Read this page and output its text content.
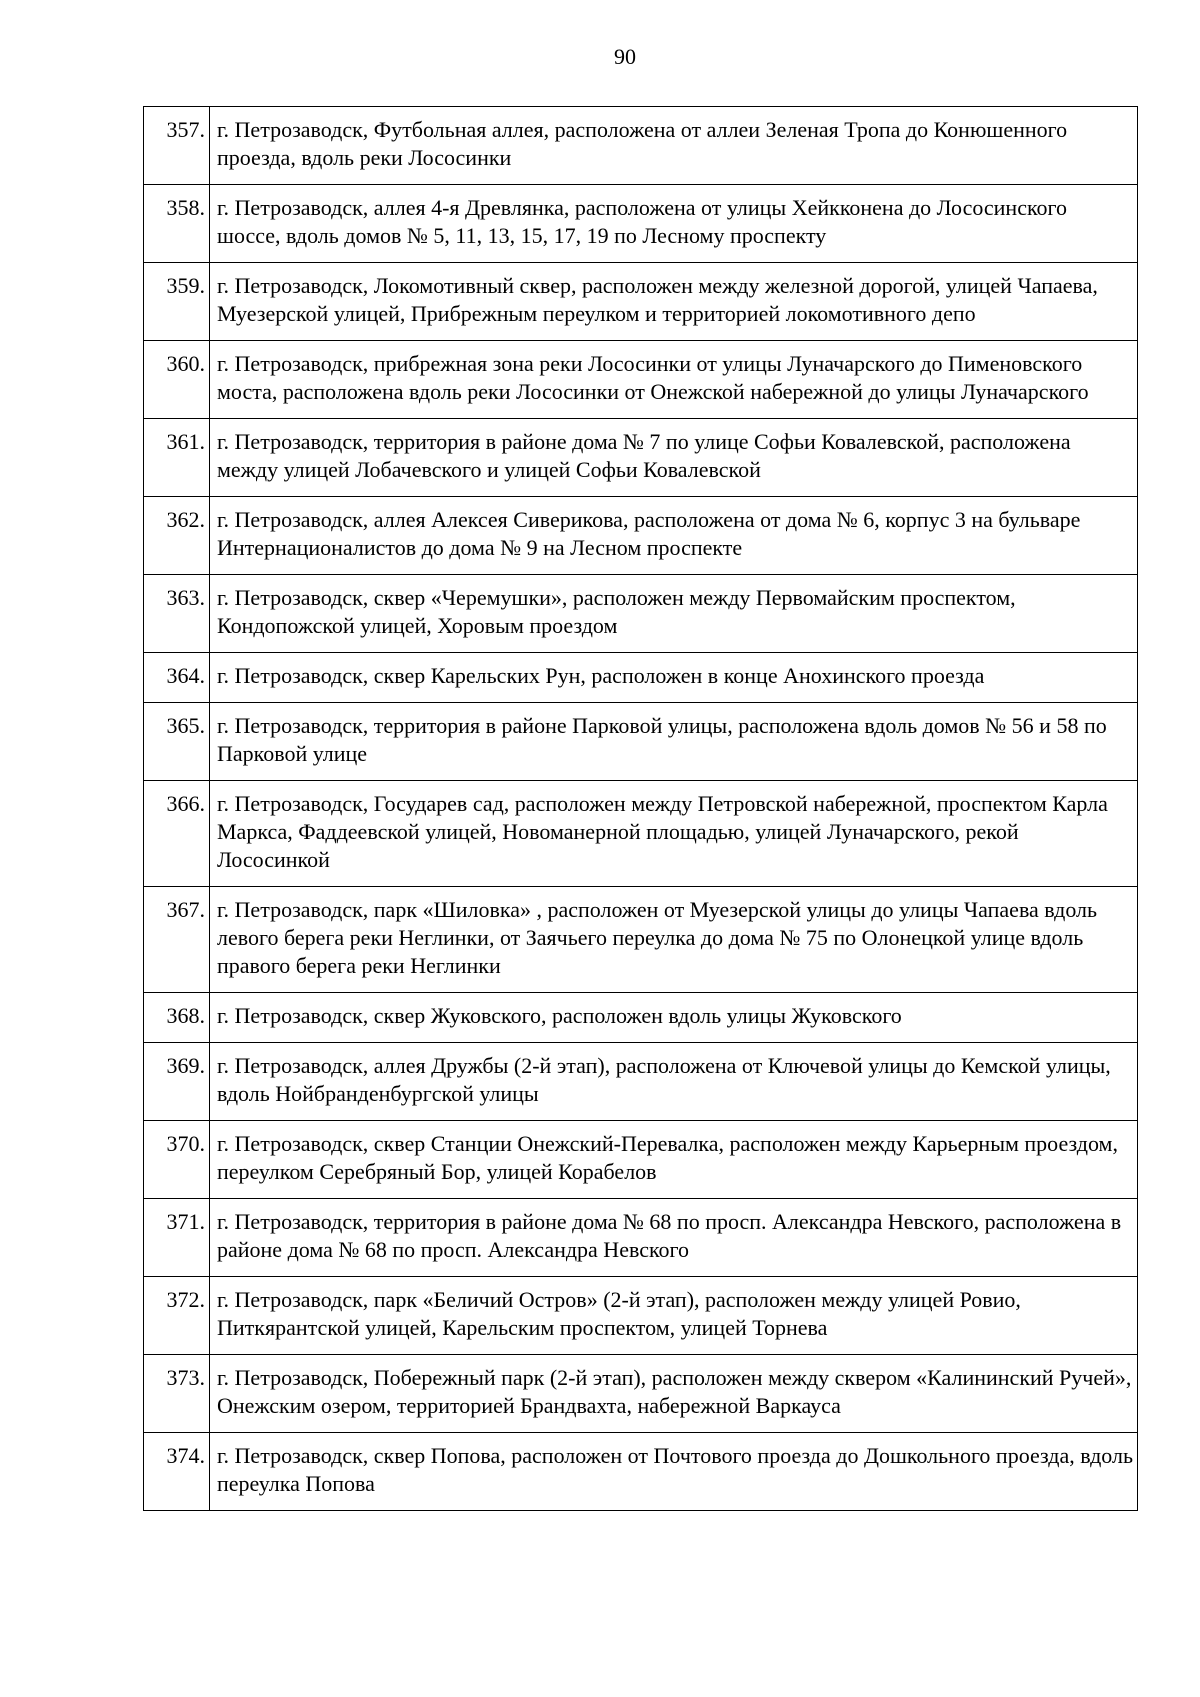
90
357.	г. Петрозаводск, Футбольная аллея, расположена от аллеи Зеленая Тропа до Конюшенного проезда, вдоль реки Лососинки
358.	г. Петрозаводск, аллея 4-я Древлянка, расположена от улицы Хейкконена до Лососинского шоссе, вдоль домов № 5, 11, 13, 15, 17, 19 по Лесному проспекту
359.	г. Петрозаводск, Локомотивный сквер, расположен между железной дорогой, улицей Чапаева, Муезерской улицей, Прибрежным переулком и территорией локомотивного депо
360.	г. Петрозаводск, прибрежная зона реки Лососинки от улицы Луначарского до Пименовского моста, расположена вдоль реки Лососинки от Онежской набережной до улицы Луначарского
361.	г. Петрозаводск, территория в районе дома № 7 по улице Софьи Ковалевской, расположена между улицей Лобачевского и улицей Софьи Ковалевской
362.	г. Петрозаводск, аллея Алексея Сиверикова, расположена от дома № 6, корпус 3 на бульваре Интернационалистов до дома № 9 на Лесном проспекте
363.	г. Петрозаводск, сквер «Черемушки», расположен между Первомайским проспектом, Кондопожской улицей, Хоровым проездом
364.	г. Петрозаводск, сквер Карельских Рун, расположен в конце Анохинского проезда
365.	г. Петрозаводск, территория в районе Парковой улицы, расположена вдоль домов № 56 и 58 по Парковой улице
366.	г. Петрозаводск, Государев сад, расположен между Петровской набережной, проспектом Карла Маркса, Фаддеевской улицей, Новоманерной площадью, улицей Луначарского, рекой Лососинкой
367.	г. Петрозаводск, парк «Шиловка» , расположен от Муезерской улицы до улицы Чапаева вдоль левого берега реки Неглинки, от Заячьего переулка до дома № 75 по Олонецкой улице вдоль правого берега реки Неглинки
368.	г. Петрозаводск, сквер Жуковского, расположен вдоль улицы Жуковского
369.	г. Петрозаводск, аллея Дружбы (2-й этап), расположена от Ключевой улицы до Кемской улицы, вдоль Нойбранденбургской улицы
370.	г. Петрозаводск, сквер Станции Онежский-Перевалка, расположен между Карьерным проездом, переулком Серебряный Бор, улицей Корабелов
371.	г. Петрозаводск, территория в районе дома № 68 по просп. Александра Невского, расположена в районе дома № 68 по просп. Александра Невского
372.	г. Петрозаводск, парк «Беличий Остров» (2-й этап), расположен между улицей Ровио, Питкярантской улицей, Карельским проспектом, улицей Торнева
373.	г. Петрозаводск, Побережный парк (2-й этап), расположен между сквером «Калининский Ручей», Онежским озером, территорией Брандвахта, набережной Варкауса
374.	г. Петрозаводск, сквер Попова, расположен от Почтового проезда до Дошкольного проезда, вдоль переулка Попова
